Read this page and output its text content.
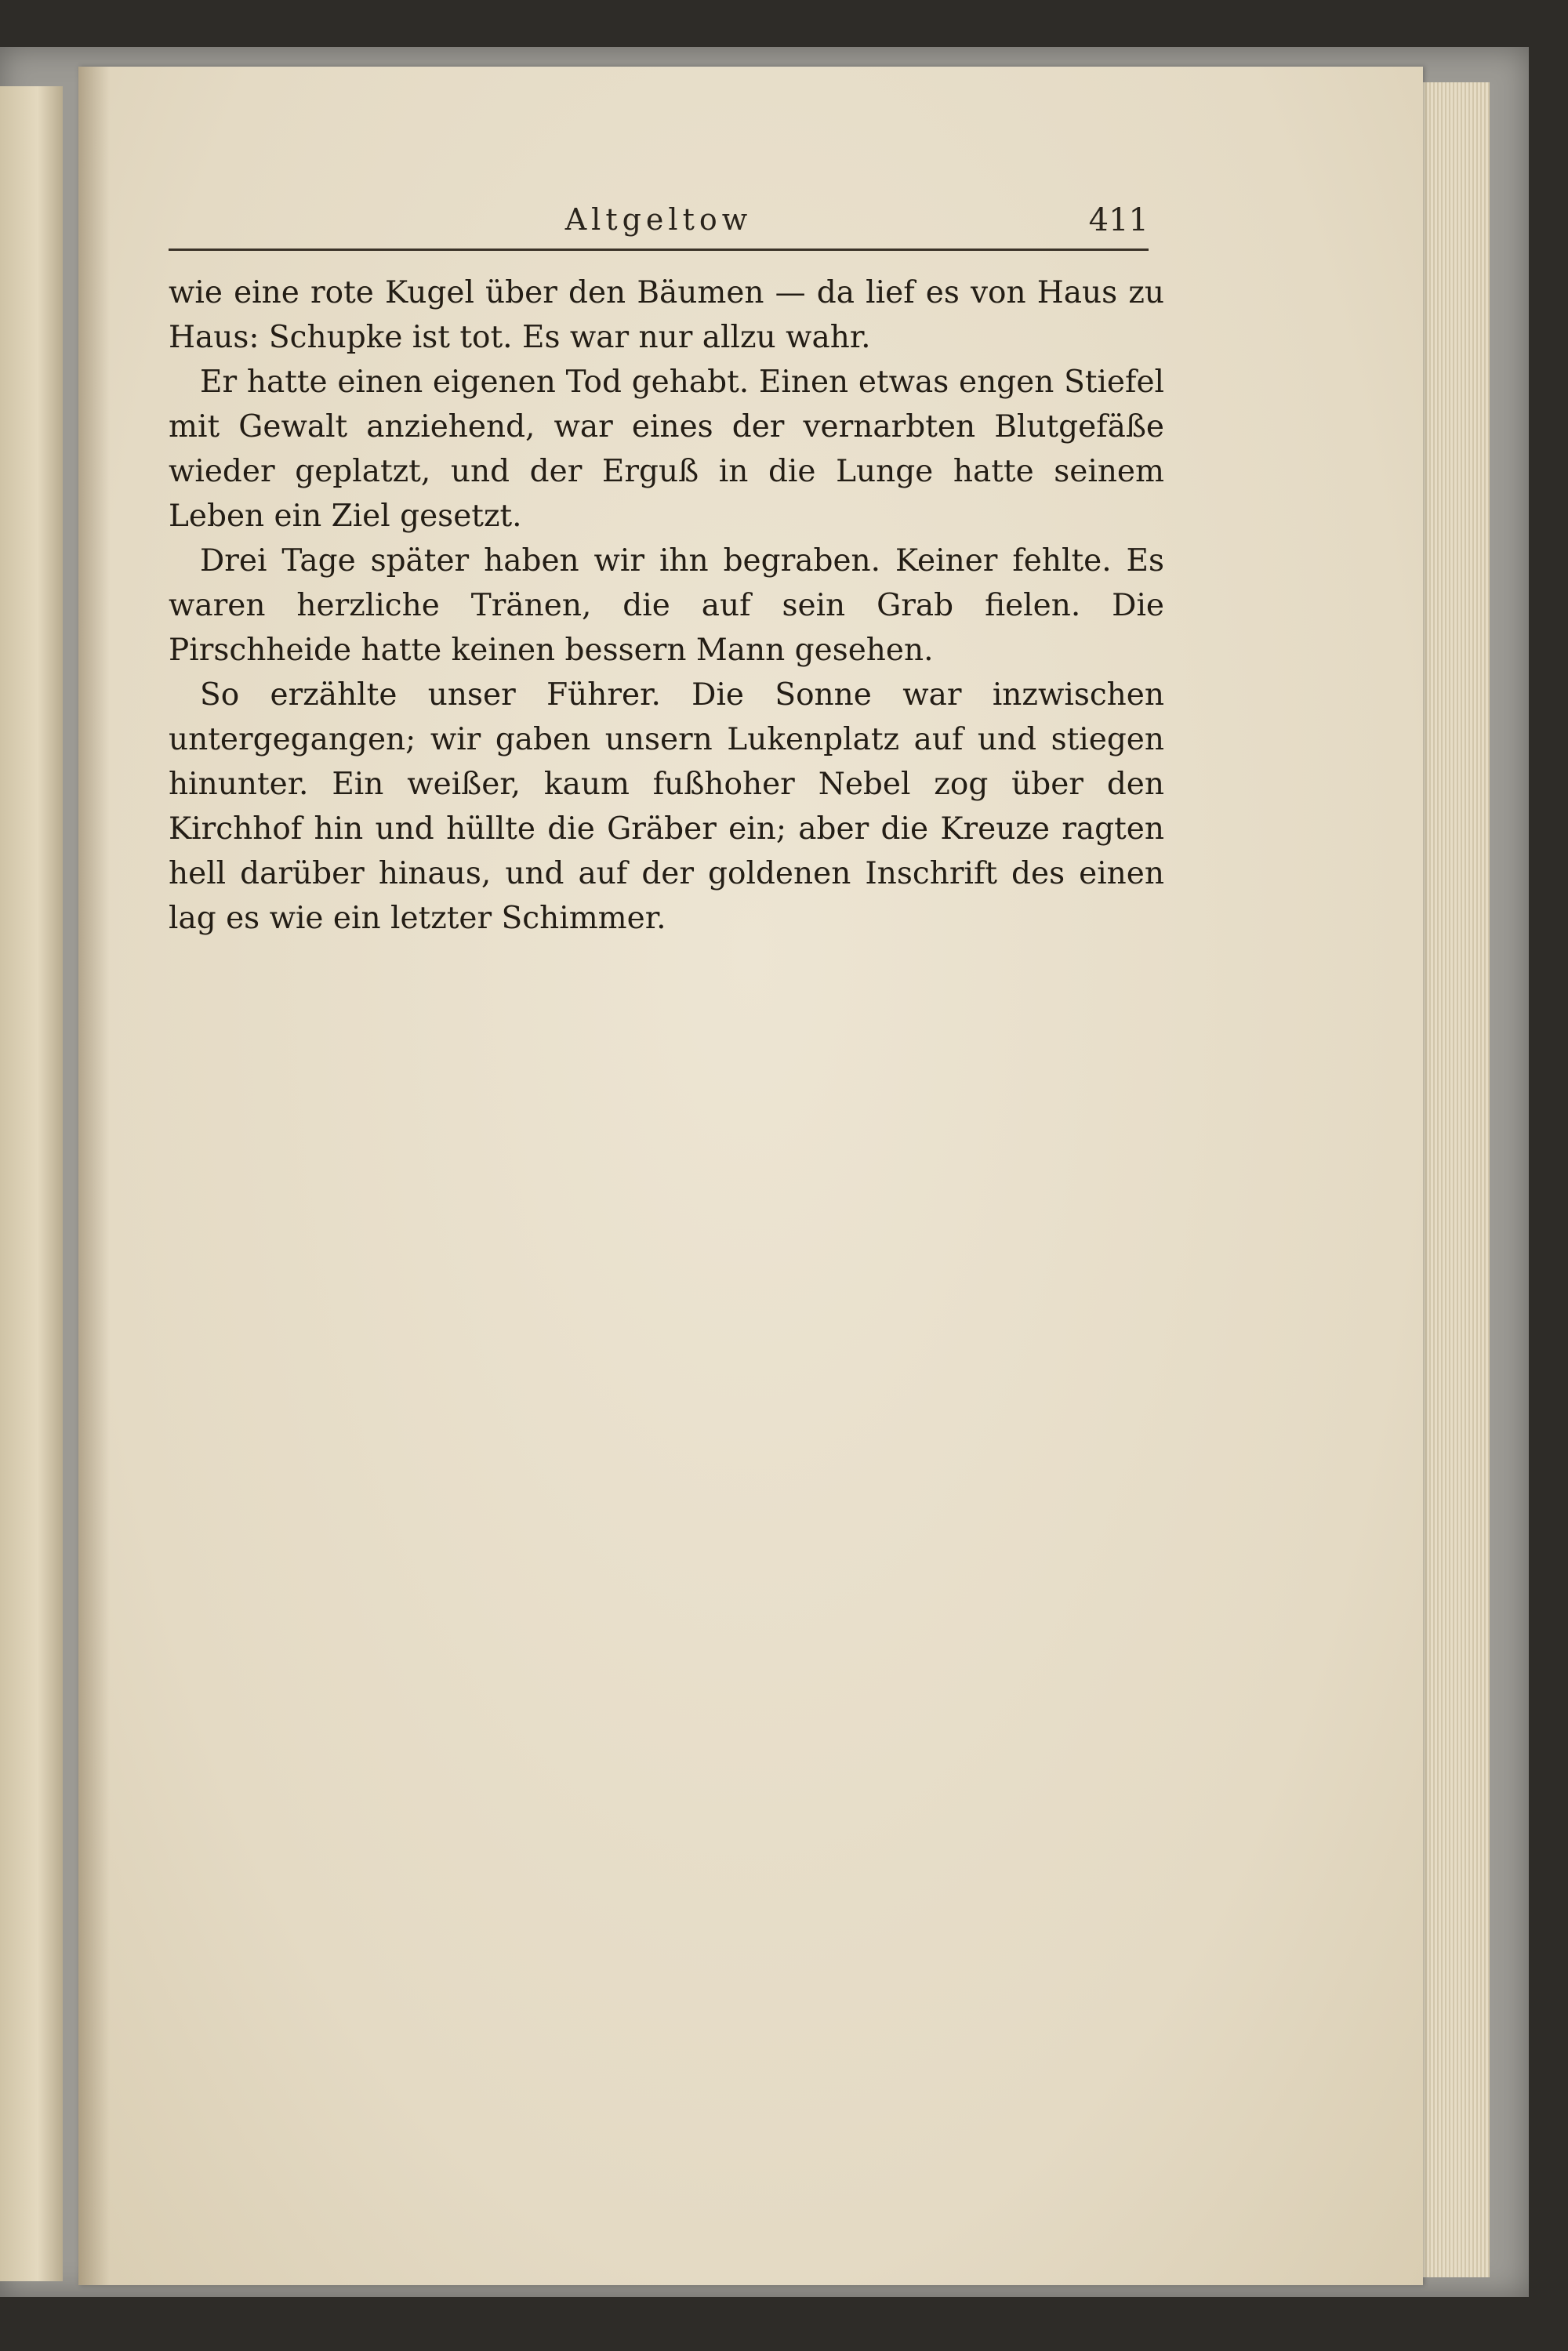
Altgeltow	411

wie eine rote Kugel über den Bäumen — da lief es von Haus zu Haus: Schupke ist tot. Es war nur allzu wahr.

Er hatte einen eigenen Tod gehabt. Einen etwas engen Stiefel mit Gewalt anziehend, war eines der vernarbten Blutgefäße wieder geplatzt, und der Erguß in die Lunge hatte seinem Leben ein Ziel gesetzt.

Drei Tage später haben wir ihn begraben. Keiner fehlte. Es waren herzliche Tränen, die auf sein Grab fielen. Die Pirschheide hatte keinen bessern Mann gesehen.

So erzählte unser Führer. Die Sonne war inzwischen untergegangen; wir gaben unsern Lukenplatz auf und stiegen hinunter. Ein weißer, kaum fußhoher Nebel zog über den Kirchhof hin und hüllte die Gräber ein; aber die Kreuze ragten hell darüber hinaus, und auf der goldenen Inschrift des einen lag es wie ein letzter Schimmer.
